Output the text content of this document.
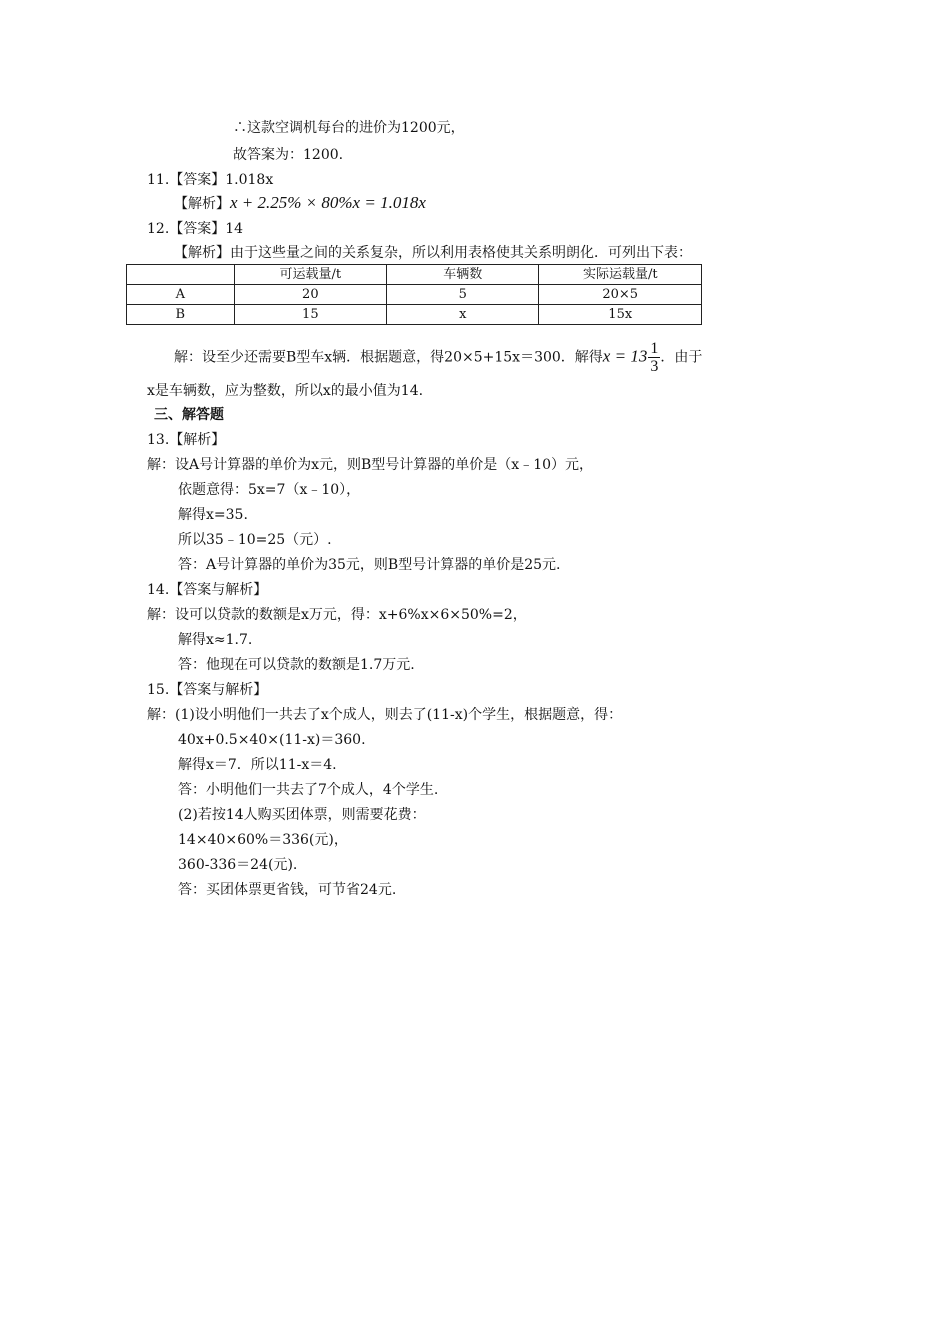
∴这款空调机每台的进价为1200元，
故答案为：1200.
11.【答案】1.018x
【解析】x + 2.25% × 80%x = 1.018x
12.【答案】14
【解析】由于这些量之间的关系复杂，所以利用表格使其关系明朗化．可列出下表：
	可运载量/t	车辆数	实际运载量/t
A	20	5	20×5
B	15	x	15x
解：设至少还需要B型车x辆．根据题意，得20×5+15x＝300．解得$x = 13 \frac{1}{3}$ ．由于
x是车辆数，应为整数，所以x的最小值为14.
三、解答题
13.【解析】
解：设A号计算器的单价为x元，则B型号计算器的单价是（x﹣10）元，
依题意得：5x=7（x﹣10），
解得x=35.
所以35﹣10=25（元）.
答：A号计算器的单价为35元，则B型号计算器的单价是25元.
14.【答案与解析】
解：设可以贷款的数额是x万元，得：x+6%x×6×50%=2，
解得x≈1.7.
答：他现在可以贷款的数额是1.7万元.
15.【答案与解析】
解：(1)设小明他们一共去了x个成人，则去了(11-x)个学生，根据题意，得：
40x+0.5×40×(11-x)＝360.
解得x＝7．所以11-x＝4.
答：小明他们一共去了7个成人，4个学生.
(2)若按14人购买团体票，则需要花费：
14×40×60%＝336(元)，
360-336＝24(元).
答：买团体票更省钱，可节省24元.
